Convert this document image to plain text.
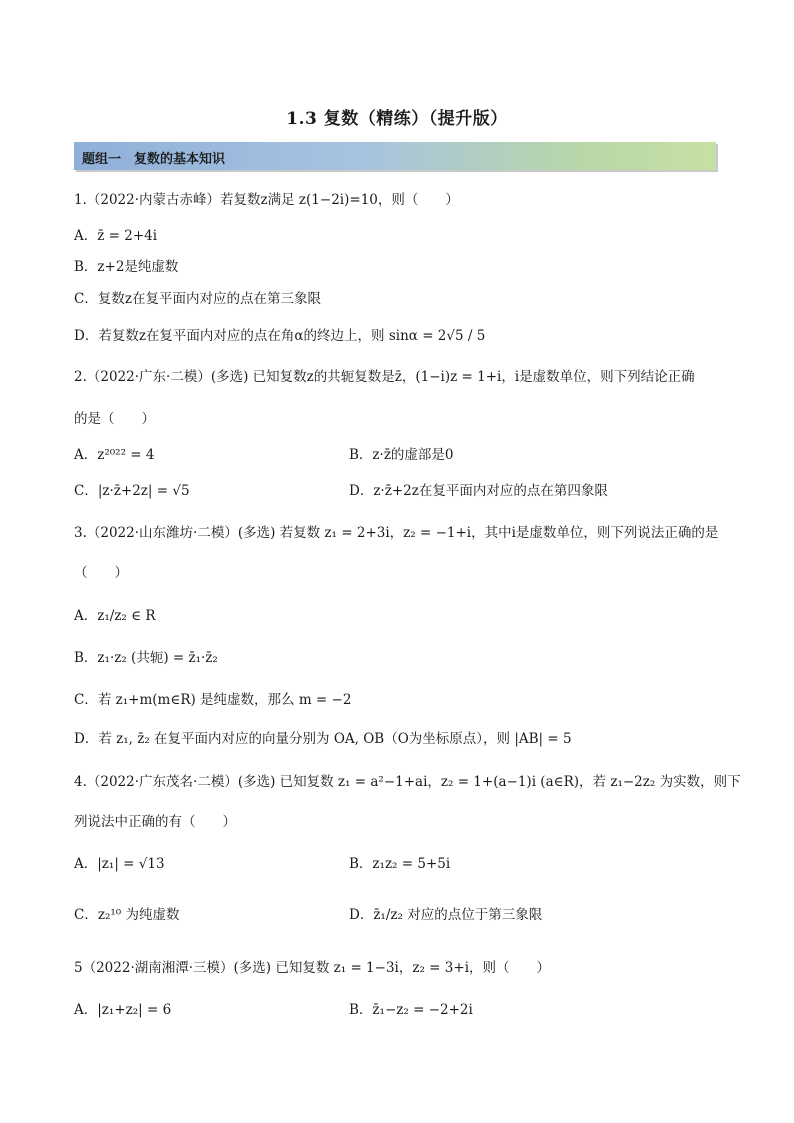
1.3 复数（精练）（提升版）
题组一　复数的基本知识
1.（2022·内蒙古赤峰）若复数z满足 z(1−2i)=10，则（　　）
A．z̄ = 2+4i
B．z+2是纯虚数
C．复数z在复平面内对应的点在第三象限
D．若复数z在复平面内对应的点在角α的终边上，则 sinα = 2√5 / 5
2.（2022·广东·二模）(多选) 已知复数z的共轭复数是z̄，(1−i)z = 1+i，i是虚数单位，则下列结论正确
的是（　　）
A．z²⁰²² = 4	B．z·z̄的虚部是0
C．|z·z̄+2z| = √5	D．z·z̄+2z在复平面内对应的点在第四象限
3.（2022·山东潍坊·二模）(多选) 若复数 z₁ = 2+3i，z₂ = −1+i，其中i是虚数单位，则下列说法正确的是
（　　）
A．z₁/z₂ ∈ R
B．z₁·z₂ (共轭) = z̄₁·z̄₂
C．若 z₁+m(m∈R) 是纯虚数，那么 m = −2
D．若 z₁, z̄₂ 在复平面内对应的向量分别为 OA, OB（O为坐标原点），则 |AB| = 5
4.（2022·广东茂名·二模）(多选) 已知复数 z₁ = a²−1+ai，z₂ = 1+(a−1)i (a∈R)，若 z₁−2z₂ 为实数，则下
列说法中正确的有（　　）
A．|z₁| = √13	B．z₁z₂ = 5+5i
C．z₂¹⁰ 为纯虚数	D．z̄₁/z₂ 对应的点位于第三象限
5（2022·湖南湘潭·三模）(多选) 已知复数 z₁ = 1−3i，z₂ = 3+i，则（　　）
A．|z₁+z₂| = 6	B．z̄₁−z₂ = −2+2i
